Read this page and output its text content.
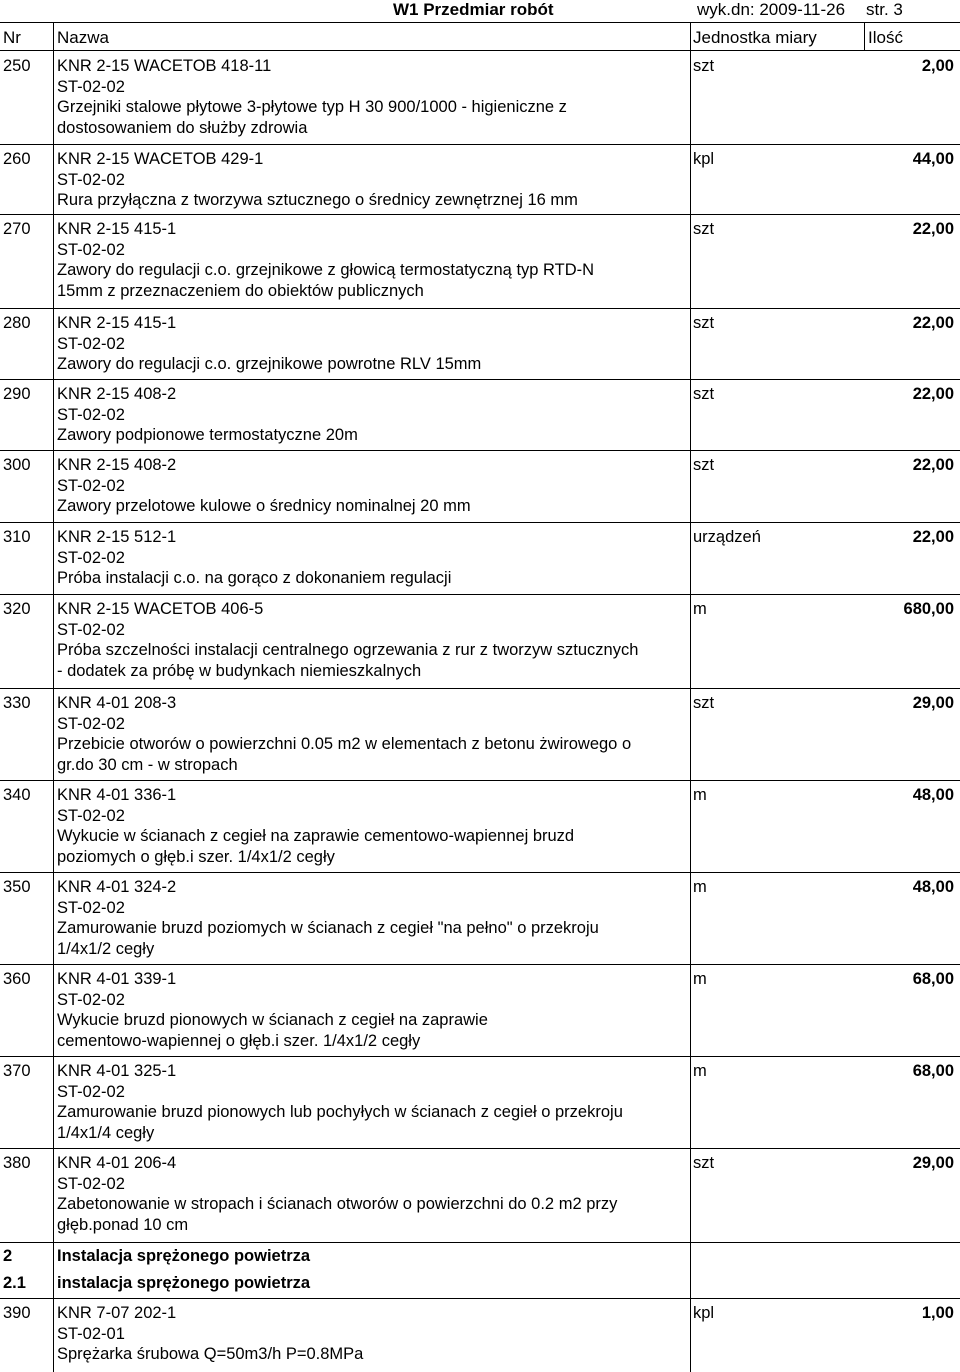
W1 Przedmiar robót	wyk.dn: 2009-11-26 str. 3
Nr Nazwa	Jednostka miary	Ilość
250 KNR 2-15 WACETOB 418-11
ST-02-02
Grzejniki stalowe płytowe 3-płytowe typ H 30 900/1000 - higieniczne z
dostosowaniem do służby zdrowia
szt	2,00
260 KNR 2-15 WACETOB 429-1
ST-02-02
Rura przyłączna z tworzywa sztucznego o średnicy zewnętrznej 16 mm
kpl	44,00
270 KNR 2-15 415-1
ST-02-02
Zawory do regulacji c.o. grzejnikowe z głowicą termostatyczną typ RTD-N
15mm z przeznaczeniem do obiektów publicznych
szt	22,00
280 KNR 2-15 415-1
ST-02-02
Zawory do regulacji c.o. grzejnikowe powrotne RLV 15mm
szt	22,00
290 KNR 2-15 408-2
ST-02-02
Zawory podpionowe termostatyczne 20m
szt	22,00
300 KNR 2-15 408-2
ST-02-02
Zawory przelotowe kulowe o średnicy nominalnej 20 mm
szt	22,00
310 KNR 2-15 512-1
ST-02-02
Próba instalacji c.o. na gorąco z dokonaniem regulacji
urządzeń	22,00
320 KNR 2-15 WACETOB 406-5
ST-02-02
Próba szczelności instalacji centralnego ogrzewania z rur z tworzyw sztucznych
- dodatek za próbę w budynkach niemieszkalnych
m	680,00
330 KNR 4-01 208-3
ST-02-02
Przebicie otworów o powierzchni 0.05 m2 w elementach z betonu żwirowego o
gr.do 30 cm - w stropach
szt	29,00
340 KNR 4-01 336-1
ST-02-02
Wykucie w ścianach z cegieł na zaprawie cementowo-wapiennej bruzd
poziomych o głęb.i szer. 1/4x1/2 cegły
m	48,00
350 KNR 4-01 324-2
ST-02-02
Zamurowanie bruzd poziomych w ścianach z cegieł "na pełno" o przekroju
1/4x1/2 cegły
m	48,00
360 KNR 4-01 339-1
ST-02-02
Wykucie bruzd pionowych w ścianach z cegieł na zaprawie
cementowo-wapiennej o głęb.i szer. 1/4x1/2 cegły
m	68,00
370 KNR 4-01 325-1
ST-02-02
Zamurowanie bruzd pionowych lub pochyłych w ścianach z cegieł o przekroju
1/4x1/4 cegły
m	68,00
380 KNR 4-01 206-4
ST-02-02
Zabetonowanie w stropach i ścianach otworów o powierzchni do 0.2 m2 przy
głęb.ponad 10 cm
szt	29,00
2	Instalacja sprężonego powietrza
2.1 instalacja sprężonego powietrza
390 KNR 7-07 202-1
ST-02-01
Sprężarka śrubowa Q=50m3/h P=0.8MPa
kpl	1,00
